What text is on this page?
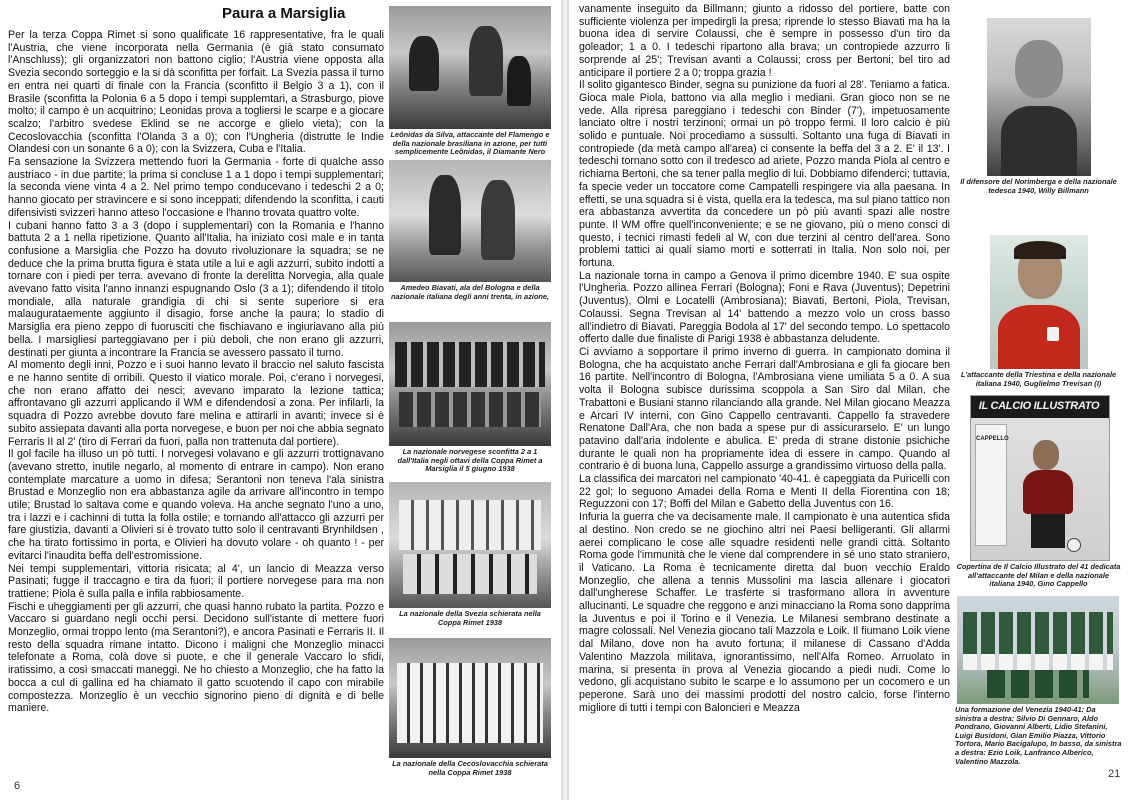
Paura a Marsiglia

Per la terza Coppa Rimet si sono qualificate 16 rappresentative, fra le quali l'Austria, che viene incorporata nella Germania (è già stato consumato l'Anschluss); gli organizzatori non battono ciglio; l'Austria viene opposta alla Svezia secondo sorteggio e la si dà sconfitta per forfait. La Svezia passa il turno en entra nei quarti di finale con la Francia (sconfitto il Belgio 3 a 1), con il Brasile (sconfitta la Polonia 6 a 5 dopo i tempi supplemtari, a Strasburgo, piove molto; il campo è un acquitrino; Leonidas prova a togliersi le scarpe e a giocare scalzo; l'arbitro svedese Eklind se ne accorge e glielo vieta); con la Cecoslovacchia (sconfitta l'Olanda 3 a 0); con l'Ungheria (distrutte le Indie Olandesi con un sonante 6 a 0); con la Svizzera, Cuba e l'Italia.

Fa sensazione la Svizzera mettendo fuori la Germania - forte di qualche asso austriaco - in due partite; la prima si concluse 1 a 1 dopo i tempi supplementari; la seconda viene vinta 4 a 2. Nel primo tempo conducevano i tedeschi 2 a 0; hanno giocato per stravincere e si sono inceppati; difendendo la sconfitta, i cauti difensivisti svizzeri hanno atteso l'occasione e l'hanno trovata quattro volte.

I cubani hanno fatto 3 a 3 (dopo i supplementari) con la Romania e l'hanno battuta 2 a 1 nella ripetizione. Quanto all'Italia, ha iniziato così male e in tanta confusione a Marsiglia che Pozzo ha dovuto rivoluzionare la squadra; se ne deduce che la prima brutta figura è stata utile a lui e agli azzurri, subito indotti a tornare con i piedi per terra. avevano di fronte la derelitta Norvegia, alla quale avevano fatto visita l'anno innanzi espugnando Oslo (3 a 1); difendendo il titolo mondiale, alla naturale grandigia di chi si sente superiore si era malaugurataemente aggiunto il disagio, forse anche la paura; lo stadio di Marsiglia era pieno zeppo di fuorusciti che fischiavano e ingiuriavano alla più bella. I marsigliesi parteggiavano per i più deboli, che non erano gli azzurri, destinati per giunta a incontrare la Francia se avessero passato il turno.

Al momento degli inni, Pozzo e i suoi hanno levato il braccio nel saluto fascista e ne hanno sentite di orribili. Questo il viatico morale. Poi, c'erano i norvegesi, che non erano affatto dei nesci; avevano imparato la lezione tattica; affrontavano gli azzurri applicando il WM e difendendosi a zona. Per infilarli, la squadra di Pozzo avrebbe dovuto fare melina e attirarli in avanti; invece si è subito assiepata davanti alla porta norvegese, e buon per noi che abbia segnato Ferraris II al 2' (tiro di Ferrari da fuori, palla non trattenuta dal portiere).

Il gol facile ha illuso un pò tutti. I norvegesi volavano e gli azzurri trottignavano (avevano stretto, inutile negarlo, al momento di entrare in campo). Non erano contemplate marcature a uomo in difesa; Serantoni non teneva l'ala sinistra Brustad e Monzeglio non era abbastanza agile da arrivare all'incontro in tempo utile; Brustad lo saltava come e quando voleva. Ha anche segnato l'uno a uno, tra i lazzi e i cachinni di tutta la folla ostile; e tornando all'attacco gli azzurri per fare giustizia, davanti a Olivieri si è trovato tutto solo il centravanti Brynhildsen , che ha tirato fortissimo in porta, e Olivieri ha dovuto volare - oh quanto ! - per evitarci l'inaudita beffa dell'estromissione.

Nei tempi supplementari, vittoria risicata; al 4', un lancio di Meazza verso Pasinati; fugge il traccagno e tira da fuori; il portiere norvegese para ma non trattiene; Piola è sulla palla e infila rabbiosamente.

Fischi e uheggiamenti per gli azzurri, che quasi hanno rubato la partita. Pozzo e Vaccaro si guardano negli occhi persi. Decidono sull'istante di mettere fuori Monzeglio, ormai troppo lento (ma Serantoni?), e ancora Pasinati e Ferraris II. Il resto della squadra rimane intatto. Dicono i maligni che Monzeglio minacci telefonate a Roma, colà dove si puote, e che il generale Vaccaro lo sfidi, iratissimo, a così smaccati maneggi. Ne ho chiesto a Monzeglio, che ha fatto la bocca a cul di gallina ed ha chiamato il gatto scuotendo il capo con mirabile compostezza. Monzeglio è un vecchio signorino pieno di dignità e di belle maniere.

Leônidas da Silva, attaccante del Flamengo e della nazionale brasiliana in azione, per tutti semplicemente Leônidas, il Diamante Nero
Amedeo Biavati, ala del Bologna e della nazionale italiana degli anni trenta, in azione,
La nazionale norvegese sconfitta 2 a 1 dall'Italia negli ottavi della Coppa Rimet a Marsiglia il 5 giugno 1938
La nazionale della Svezia schierata nella Coppa Rimet 1938
La nazionale della Cecoslovacchia schierata nella Coppa Rimet 1938
6

vanamente inseguito da Billmann; giunto a ridosso del portiere, batte con sufficiente violenza per impedirgli la presa; riprende lo stesso Biavati ma ha la buona idea di servire Colaussi, che è sempre in possesso d'un tiro da goleador; 1 a 0. I tedeschi ripartono alla brava; un contropiede azzurro li sorprende al 25'; Trevisan avanti a Colaussi; cross per Bertoni; bel tiro ad anticipare il portiere 2 a 0; troppa grazia !

Il solito gigantesco Binder, segna su punizione da fuori al 28'. Teniamo a fatica. Gioca male Piola, battono via alla meglio i mediani. Gran gioco non se ne vede. Alla ripresa pareggiano i tedeschi con Binder (7'), impetuosamente lanciato oltre i nostri terzinoni; ormai un pò troppo fermi. Il loro calcio è più solido e puntuale. Noi procediamo a sussulti. Soltanto una fuga di Biavati in contropiede (da metà campo all'area) ci consente la beffa del 3 a 2. E' il 13'. I tedeschi tornano sotto con il tredesco ad ariete, Pozzo manda Piola al centro e richiama Bertoni, che sa tener palla meglio di lui. Dobbiamo difenderci; tuttavia, fa specie veder un toccatore come Campatelli respingere via alla paesana. In effetti, se una squadra si è vista, quella era la tedesca, ma sul piano tattico non era abbastanza avvertita da concedere un pò più avanti spazi alle nostre punte. Il WM offre quell'inconveniente; e se ne giovano, più o meno consci di questo, i tecnici rimasti fedeli al W, con due terzini al centro dell'area. Sono problemi tattici ai quali siamo morti e sotterrati in Italia. Non solo noi, per fortuna.

La nazionale torna in campo a Genova il primo dicembre 1940. E' sua ospite l'Ungheria. Pozzo allinea Ferrari (Bologna); Foni e Rava (Juventus); Depetrini (Juventus), Olmi e Locatelli (Ambrosiana); Biavati, Bertoni, Piola, Trevisan, Colaussi. Segna Trevisan al 14' battendo a mezzo volo un cross basso all'indietro di Biavati. Pareggia Bodola al 17' del secondo tempo. Lo spettacolo offerto dalle due finaliste di Parigi 1938 è abbastanza deludente.

Ci avviamo a sopportare il primo inverno di guerra. In campionato domina il Bologna, che ha acquistato anche Ferrari dall'Ambrosiana e gli fa giocare ben 16 partite. Nell'incontro di Bologna, l'Ambrosiana viene umiliata 5 a 0. A sua volta il Bologna subisce durissima scoppola a San Siro dal Milan, che Trabattoni e Busiani stanno rilanciando alla grande. Nel Milan giocano Meazza e Arcari IV interni, con Gino Cappello centravanti. Cappello fa stravedere Renatone Dall'Ara, che non bada a spese pur di assicurarselo. E' un lungo patavino dall'aria indolente e abulica. E' preda di strane distonie psichiche durante le quali non ha propriamente idea di essere in campo. Quando al contrario è di buona luna, Cappello assurge a grandissimo virtuoso della palla.

La classifica dei marcatori nel campionato '40-41. è capeggiata da Puricelli con 22 gol; lo seguono Amadei della Roma e Menti II della Fiorentina con 18; Reguzzoni con 17; Boffi del Milan e Gabetto della Juventus con 16.

Infuria la guerra che va decisamente male. Il campionato è una autentica sfida al destino. Non credo se ne giochino altri nei Paesi belligeranti. Gli allarmi aerei complicano le cose alle squadre residenti nelle grandi città. Soltanto Roma gode l'immunità che le viene dal comprendere in sé uno stato straniero, il Vaticano. La Roma è tecnicamente diretta dal buon vecchio Eraldo Monzeglio, che allena a tennis Mussolini ma lascia allenare i giocatori dall'ungherese Schaffer. Le trasferte si trasformano allora in avventure allucinanti. Le squadre che reggono e anzi minacciano la Roma sono dapprima la Juventus e poi il Torino e il Venezia. Le Milanesi sembrano destinate a magre colossali. Nel Venezia giocano tali Mazzola e Loik. Il fiumano Loik viene dal Milano, dove non ha avuto fortuna; il milanese di Cassano d'Adda Valentino Mazzola militava, ignorantissimo, nell'Alfa Romeo. Arruolato in marina, si presenta in prova al Venezia giocando a piedi nudi. Come lo vedono, gli acquistano subito le scarpe e lo assumono per un cocomero e un peperone. Sarà uno dei massimi prodotti del nostro calcio, forse l'interno migliore di tutti i tempi con Baloncieri e Meazza

Il difensore del Norimberga e della nazionale tedesca 1940, Willy Billmann
L'attaccante della Triestina e della nazionale italiana 1940, Guglielmo Trevisan (I)
IL CALCIO ILLUSTRATO
CAPPELLO
Copertina de Il Calcio Illustrato del 41 dedicata all'attaccante del Milan e della nazionale italiana 1940, Gino Cappello
Una formazione del Venezia 1940-41: Da sinistra a destra: Silvio Di Gennaro, Aldo Pondrano, Giovanni Alberti, Lidio Stefanini, Luigi Busidoni, Gian Emilio Piazza, Vittorio Tortora, Mario Bacigalupo, In basso, da sinistra a destra: Ezio Loik, Lanfranco Alberico, Valentino Mazzola.
21
